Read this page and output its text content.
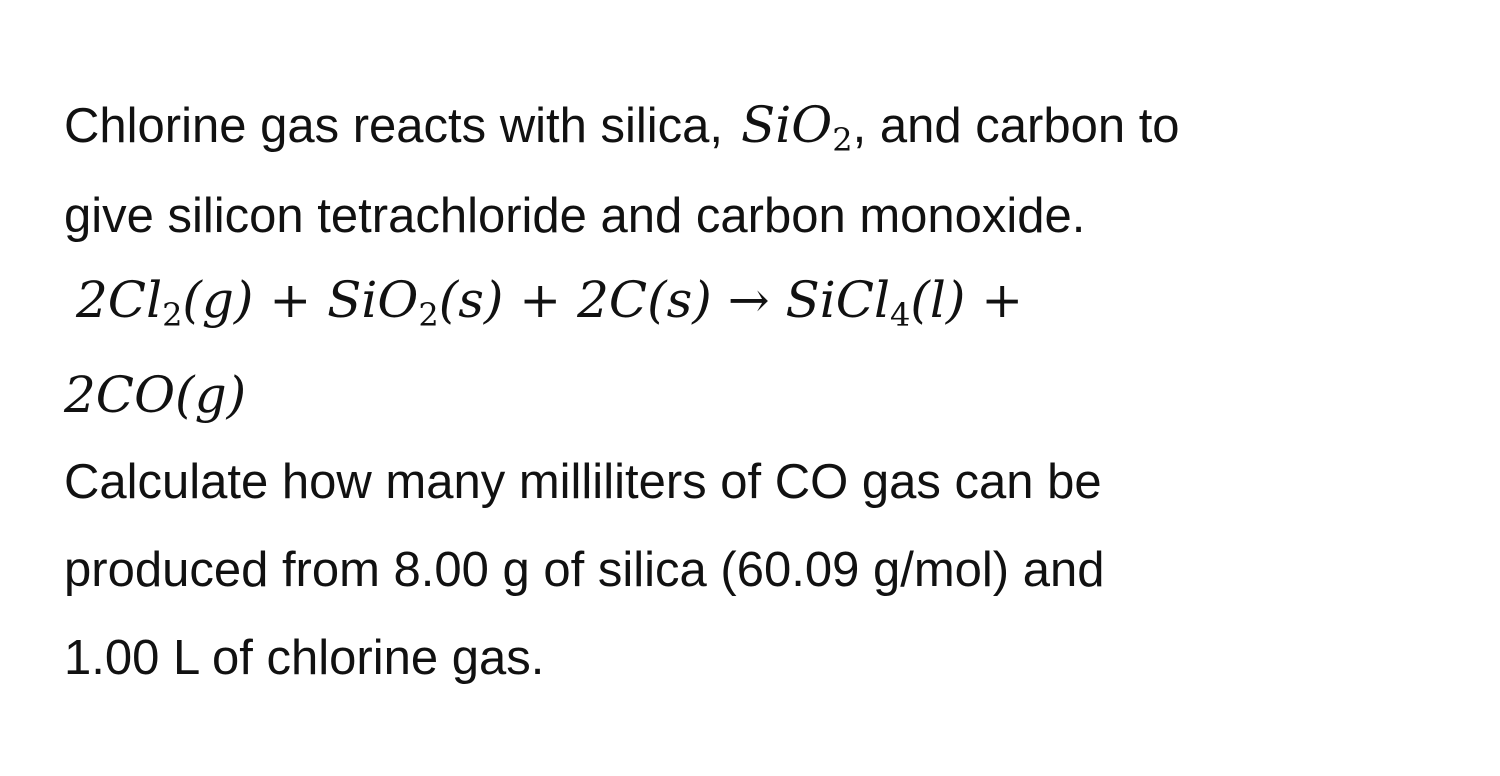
Chlorine gas reacts with silica, SiO$_2$, and carbon to
give silicon tetrachloride and carbon monoxide.
$2Cl_2(g) + SiO_2(s) + 2C(s)$ → SiCl$_4$(l) +
2CO(g)
Calculate how many milliliters of CO gas can be
produced from 8.00 g of silica (60.09 g/mol) and
1.00 L of chlorine gas.
